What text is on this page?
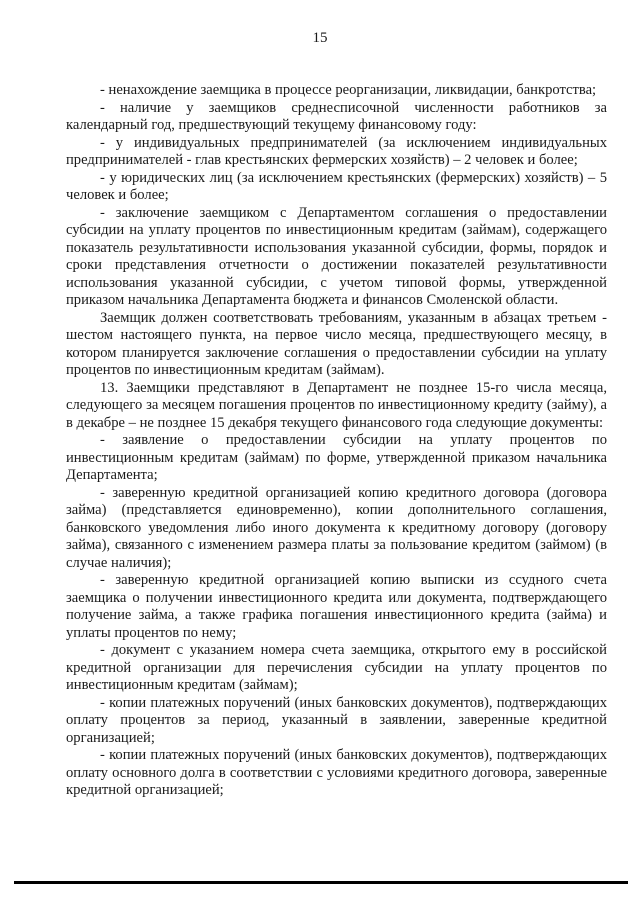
15

- ненахождение заемщика в процессе реорганизации, ликвидации, банкротства;

- наличие у заемщиков среднесписочной численности работников за календарный год, предшествующий текущему финансовому году:

- у индивидуальных предпринимателей (за исключением индивидуальных предпринимателей - глав крестьянских фермерских хозяйств) – 2 человек и более;

- у юридических лиц (за исключением крестьянских (фермерских) хозяйств) – 5 человек и более;

- заключение заемщиком с Департаментом соглашения о предоставлении субсидии на уплату процентов по инвестиционным кредитам (займам), содержащего показатель результативности использования указанной субсидии, формы, порядок и сроки представления отчетности о достижении показателей результативности использования указанной субсидии, с учетом типовой формы, утвержденной приказом начальника Департамента бюджета и финансов Смоленской области.

Заемщик должен соответствовать требованиям, указанным в абзацах третьем - шестом настоящего пункта, на первое число месяца, предшествующего месяцу, в котором планируется заключение соглашения о предоставлении субсидии на уплату процентов по инвестиционным кредитам (займам).

13. Заемщики представляют в Департамент не позднее 15-го числа месяца, следующего за месяцем погашения процентов по инвестиционному кредиту (займу), а в декабре – не позднее 15 декабря текущего финансового года следующие документы:

- заявление о предоставлении субсидии на уплату процентов по инвестиционным кредитам (займам) по форме, утвержденной приказом начальника Департамента;

- заверенную кредитной организацией копию кредитного договора (договора займа) (представляется единовременно), копии дополнительного соглашения, банковского уведомления либо иного документа к кредитному договору (договору займа), связанного с изменением размера платы за пользование кредитом (займом) (в случае наличия);

- заверенную кредитной организацией копию выписки из ссудного счета заемщика о получении инвестиционного кредита или документа, подтверждающего получение займа, а также графика погашения инвестиционного кредита (займа) и уплаты процентов по нему;

- документ с указанием номера счета заемщика, открытого ему в российской кредитной организации для перечисления субсидии на уплату процентов по инвестиционным кредитам (займам);

- копии платежных поручений (иных банковских документов), подтверждающих оплату процентов за период, указанный в заявлении, заверенные кредитной организацией;

- копии платежных поручений (иных банковских документов), подтверждающих оплату основного долга в соответствии с условиями кредитного договора, заверенные кредитной организацией;
